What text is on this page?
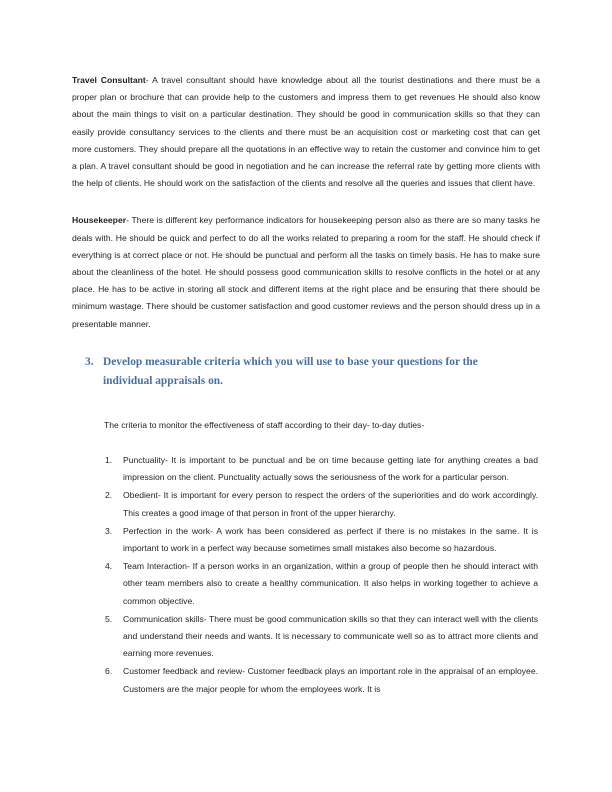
Travel Consultant- A travel consultant should have knowledge about all the tourist destinations and there must be a proper plan or brochure that can provide help to the customers and impress them to get revenues He should also know about the main things to visit on a particular destination. They should be good in communication skills so that they can easily provide consultancy services to the clients and there must be an acquisition cost or marketing cost that can get more customers. They should prepare all the quotations in an effective way to retain the customer and convince him to get a plan. A travel consultant should be good in negotiation and he can increase the referral rate by getting more clients with the help of clients. He should work on the satisfaction of the clients and resolve all the queries and issues that client have.

Housekeeper- There is different key performance indicators for housekeeping person also as there are so many tasks he deals with. He should be quick and perfect to do all the works related to preparing a room for the staff. He should check if everything is at correct place or not. He should be punctual and perform all the tasks on timely basis. He has to make sure about the cleanliness of the hotel. He should possess good communication skills to resolve conflicts in the hotel or at any place. He has to be active in storing all stock and different items at the right place and be ensuring that there should be minimum wastage. There should be customer satisfaction and good customer reviews and the person should dress up in a presentable manner.

3. Develop measurable criteria which you will use to base your questions for the individual appraisals on.

The criteria to monitor the effectiveness of staff according to their day- to-day duties-

1.	Punctuality- It is important to be punctual and be on time because getting late for anything creates a bad impression on the client. Punctuality actually sows the seriousness of the work for a particular person.
2.	Obedient- It is important for every person to respect the orders of the superiorities and do work accordingly. This creates a good image of that person in front of the upper hierarchy.
3.	Perfection in the work- A work has been considered as perfect if there is no mistakes in the same. It is important to work in a perfect way because sometimes small mistakes also become so hazardous.
4.	Team Interaction- If a person works in an organization, within a group of people then he should interact with other team members also to create a healthy communication. It also helps in working together to achieve a common objective.
5.	Communication skills- There must be good communication skills so that they can interact well with the clients and understand their needs and wants. It is necessary to communicate well so as to attract more clients and earning more revenues.
6.	Customer feedback and review- Customer feedback plays an important role in the appraisal of an employee. Customers are the major people for whom the employees work. It is
